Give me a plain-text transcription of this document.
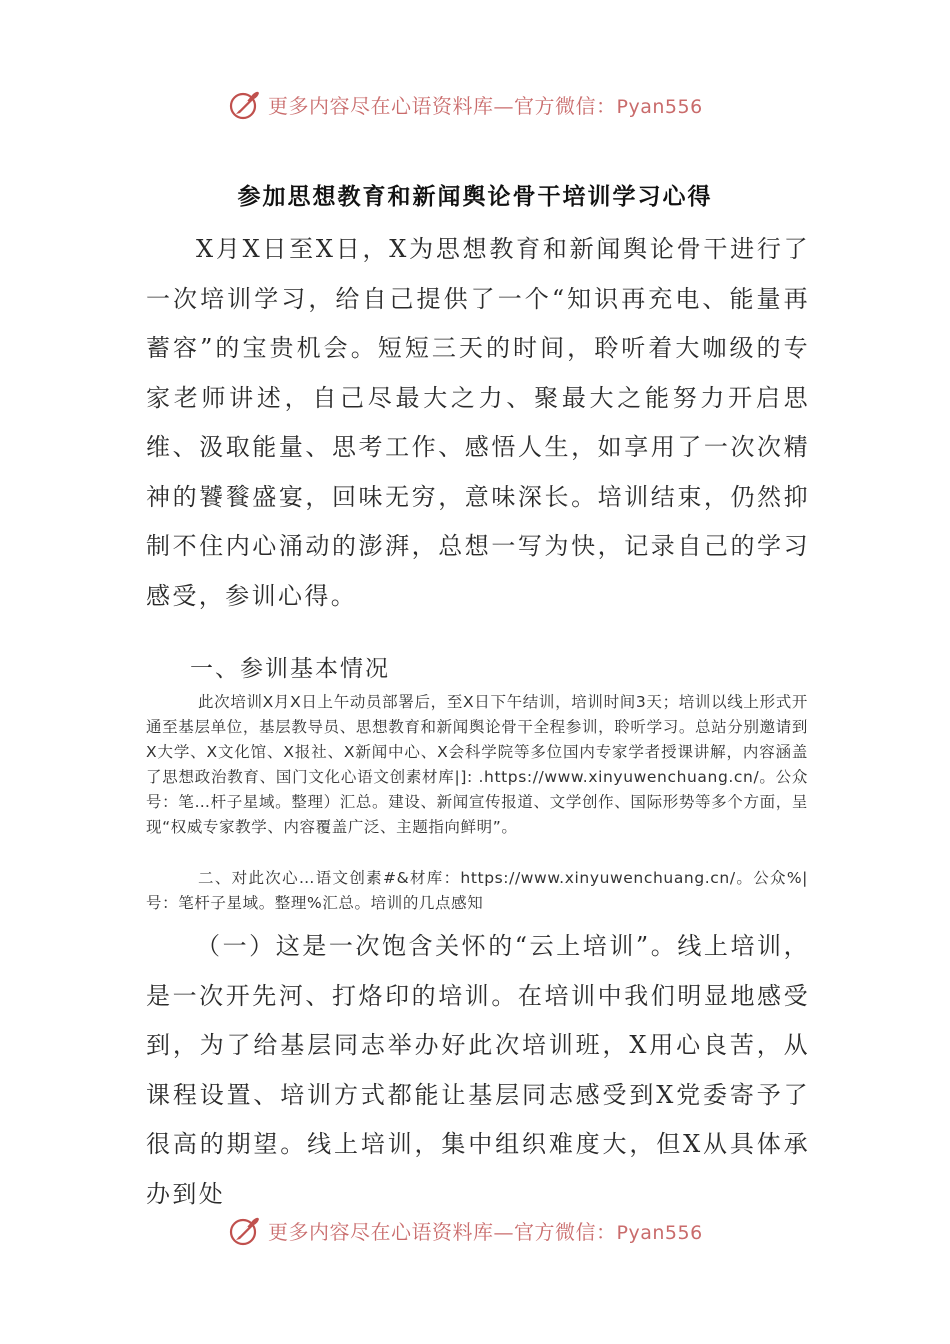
更多内容尽在心语资料库—官方微信：Pyan556
参加思想教育和新闻舆论骨干培训学习心得
X月X日至X日，X为思想教育和新闻舆论骨干进行了一次培训学习，给自己提供了一个“知识再充电、能量再蓄容”的宝贵机会。短短三天的时间，聆听着大咖级的专家老师讲述，自己尽最大之力、聚最大之能努力开启思维、汲取能量、思考工作、感悟人生，如享用了一次次精神的饕餮盛宴，回味无穷，意味深长。培训结束，仍然抑制不住内心涌动的澎湃，总想一写为快，记录自己的学习感受，参训心得。
一、参训基本情况
此次培训X月X日上午动员部署后，至X日下午结训，培训时间3天；培训以线上形式开通至基层单位，基层教导员、思想教育和新闻舆论骨干全程参训，聆听学习。总站分别邀请到X大学、X文化馆、X报社、X新闻中心、X会科学院等多位国内专家学者授课讲解，内容涵盖了思想政治教育、国门文化心语文创素材库|]: .https://www.xinyuwenchuang.cn/。公众号：笔…杆子星域。整理）汇总。建设、新闻宣传报道、文学创作、国际形势等多个方面，呈现“权威专家教学、内容覆盖广泛、主题指向鲜明”。
二、对此次心…语文创素#&材库：https://www.xinyuwenchuang.cn/。公众%|号：笔杆子星域。整理%汇总。培训的几点感知
（一）这是一次饱含关怀的“云上培训”。线上培训，是一次开先河、打烙印的培训。在培训中我们明显地感受到，为了给基层同志举办好此次培训班，X用心良苦，从课程设置、培训方式都能让基层同志感受到X党委寄予了很高的期望。线上培训，集中组织难度大，但X从具体承办到处
更多内容尽在心语资料库—官方微信：Pyan556
